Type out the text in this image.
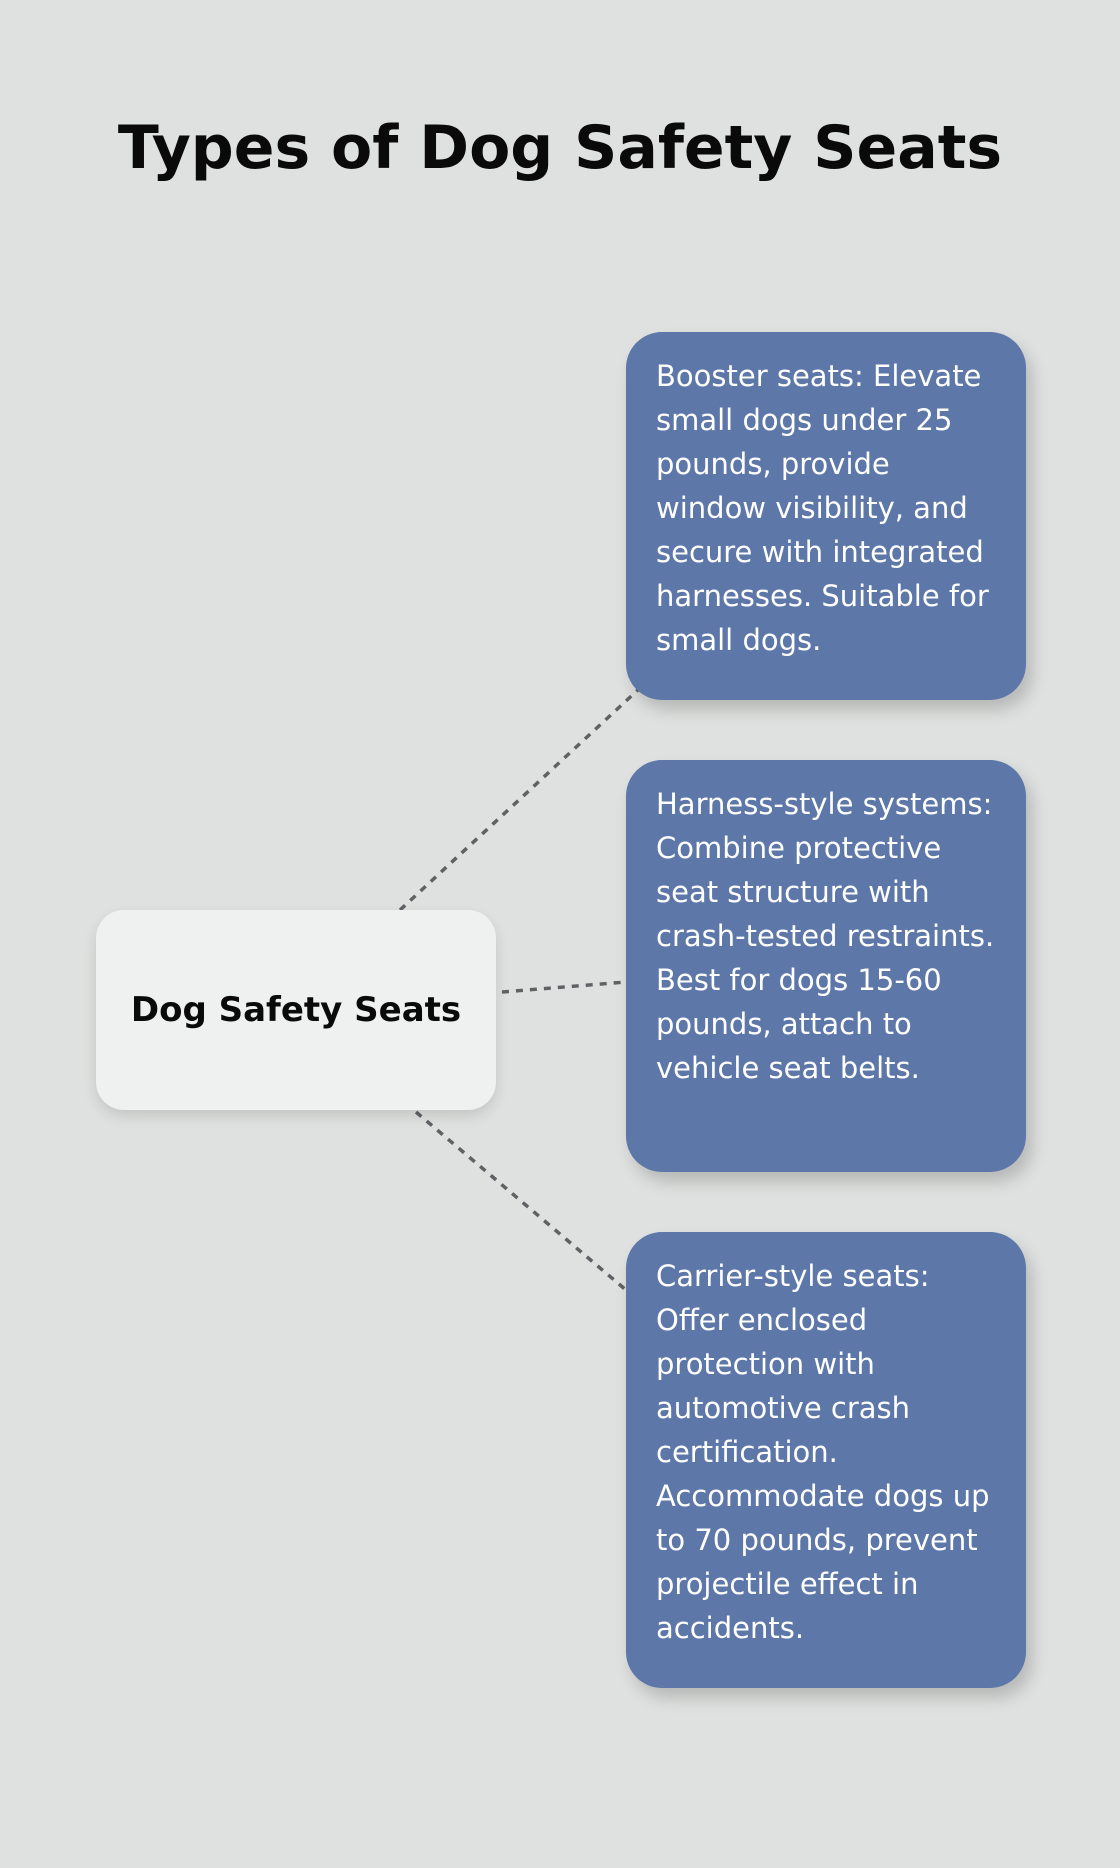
Types of Dog Safety Seats
Dog Safety Seats
Booster seats: Elevate small dogs under 25 pounds, provide window visibility, and secure with integrated harnesses. Suitable for small dogs.
Harness-style systems: Combine protective seat structure with crash-tested restraints. Best for dogs 15-60 pounds, attach to vehicle seat belts.
Carrier-style seats: Offer enclosed protection with automotive crash certification. Accommodate dogs up to 70 pounds, prevent projectile effect in accidents.
